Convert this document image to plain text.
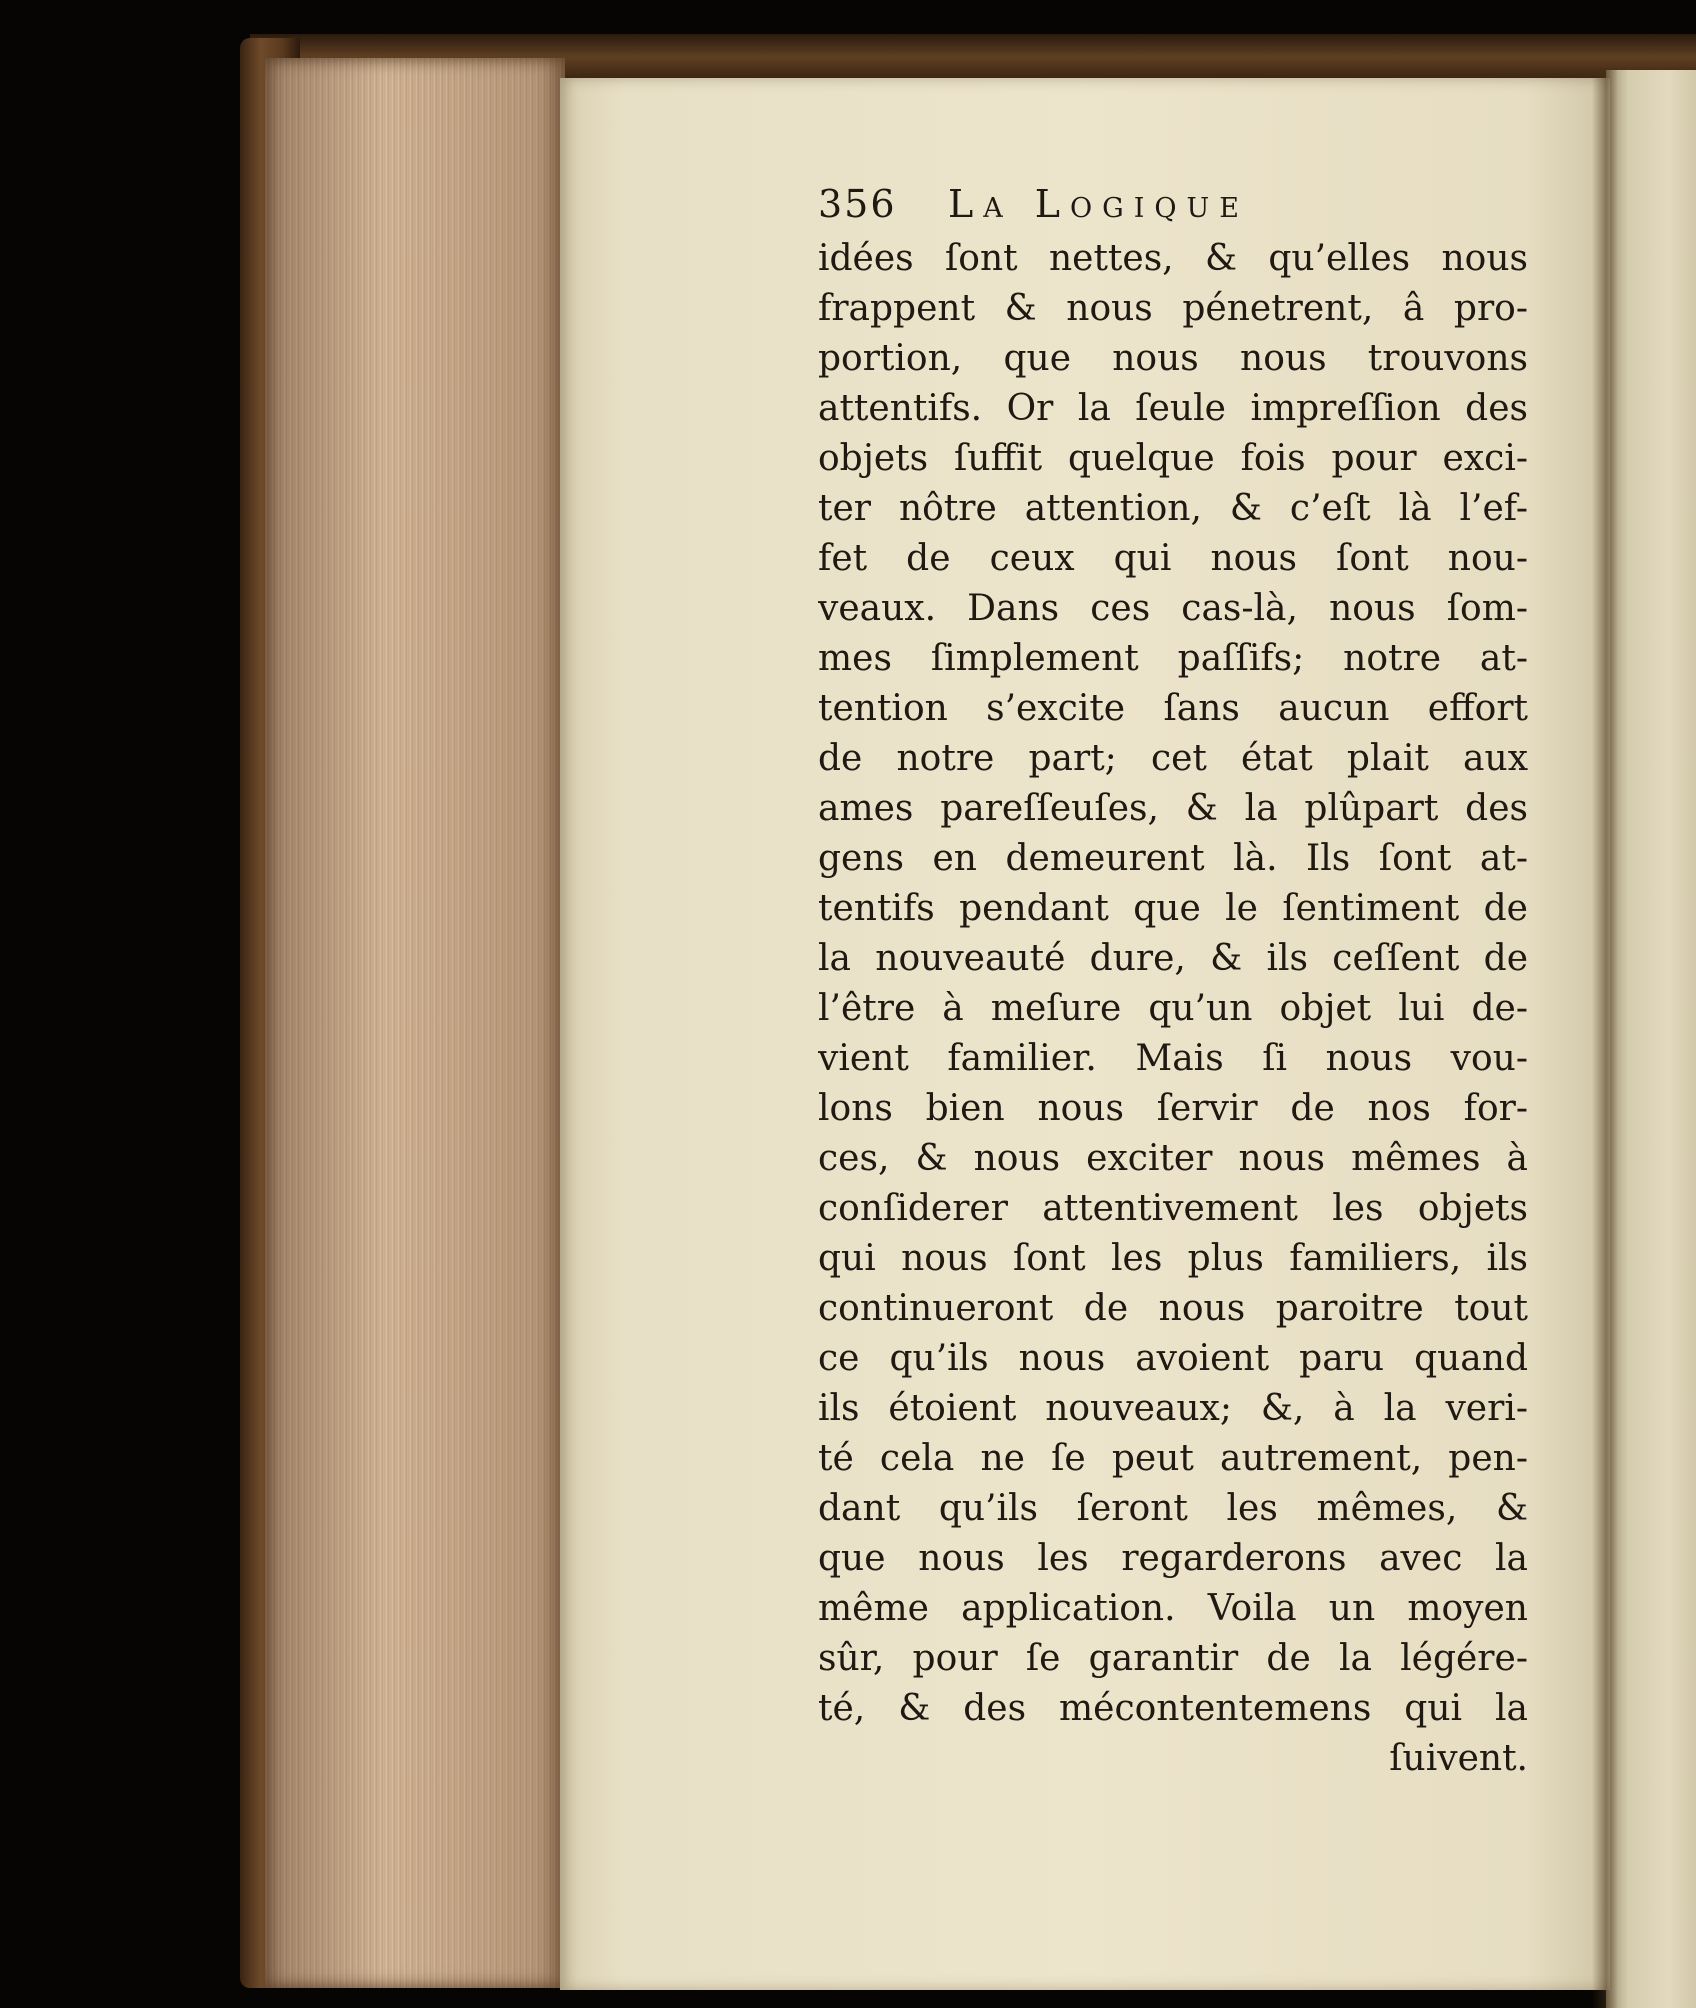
356	La Logique
idées ſont nettes, & qu’elles nous
frappent & nous pénetrent, â pro-
portion, que nous nous trouvons
attentifs. Or la ſeule impreſſion des
objets ſuffit quelque fois pour exci-
ter nôtre attention, & c’eſt là l’ef-
fet de ceux qui nous ſont nou-
veaux. Dans ces cas-là, nous ſom-
mes ſimplement paſſifs; notre at-
tention s’excite ſans aucun effort
de notre part; cet état plait aux
ames pareſſeuſes, & la plûpart des
gens en demeurent là. Ils ſont at-
tentifs pendant que le ſentiment de
la nouveauté dure, & ils ceſſent de
l’être à meſure qu’un objet lui de-
vient familier. Mais ſi nous vou-
lons bien nous ſervir de nos for-
ces, & nous exciter nous mêmes à
conſiderer attentivement les objets
qui nous ſont les plus familiers, ils
continueront de nous paroitre tout
ce qu’ils nous avoient paru quand
ils étoient nouveaux; &, à la veri-
té cela ne ſe peut autrement, pen-
dant qu’ils ſeront les mêmes, &
que nous les regarderons avec la
même application. Voila un moyen
sûr, pour ſe garantir de la légére-
té, & des mécontentemens qui la
ſuivent.
